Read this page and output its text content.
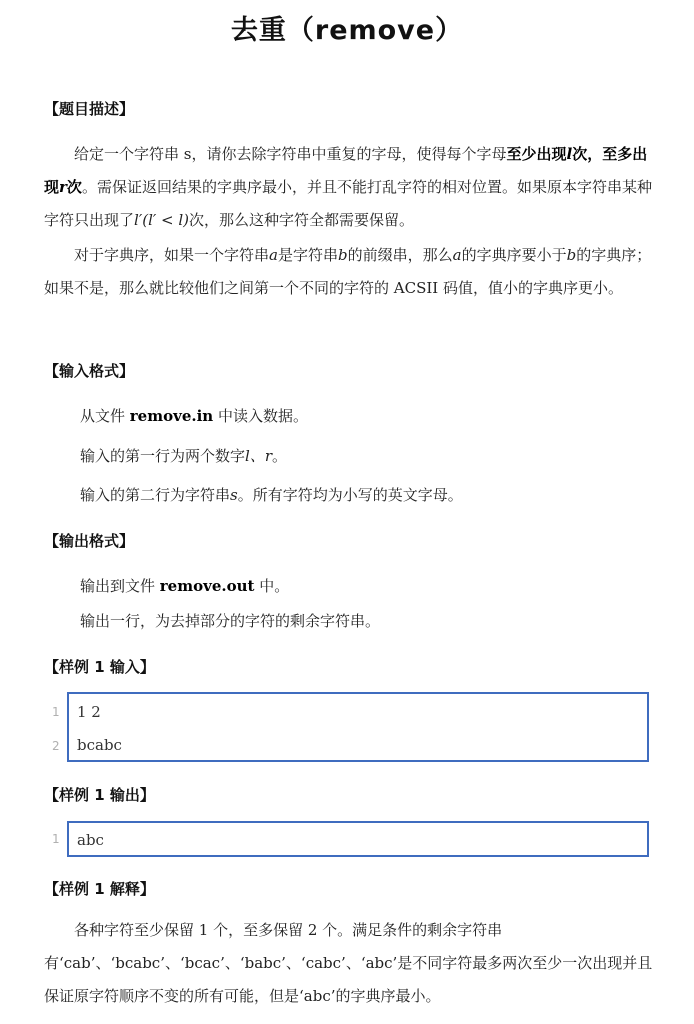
去重（remove）
【题目描述】
给定一个字符串 s，请你去除字符串中重复的字母，使得每个字母至少出现l次，至多出现r次。需保证返回结果的字典序最小，并且不能打乱字符的相对位置。如果原本字符串某种字符只出现了l′(l′ < l)次，那么这种字符全都需要保留。
对于字典序，如果一个字符串a是字符串b的前缀串，那么a的字典序要小于b的字典序；如果不是，那么就比较他们之间第一个不同的字符的 ACSII 码值，值小的字典序更小。
【输入格式】
从文件 remove.in 中读入数据。
输入的第一行为两个数字l、r。
输入的第二行为字符串s。所有字符均为小写的英文字母。
【输出格式】
输出到文件 remove.out 中。
输出一行，为去掉部分的字符的剩余字符串。
【样例 1 输入】
1
2
1 2
bcabc
【样例 1 输出】
1 abc
【样例 1 解释】
各种字符至少保留 1 个，至多保留 2 个。满足条件的剩余字符串有‘cab’、‘bcabc’、‘bcac’、‘babc’、‘cabc’、‘abc’是不同字符最多两次至少一次出现并且保证原字符顺序不变的所有可能，但是‘abc’的字典序最小。
